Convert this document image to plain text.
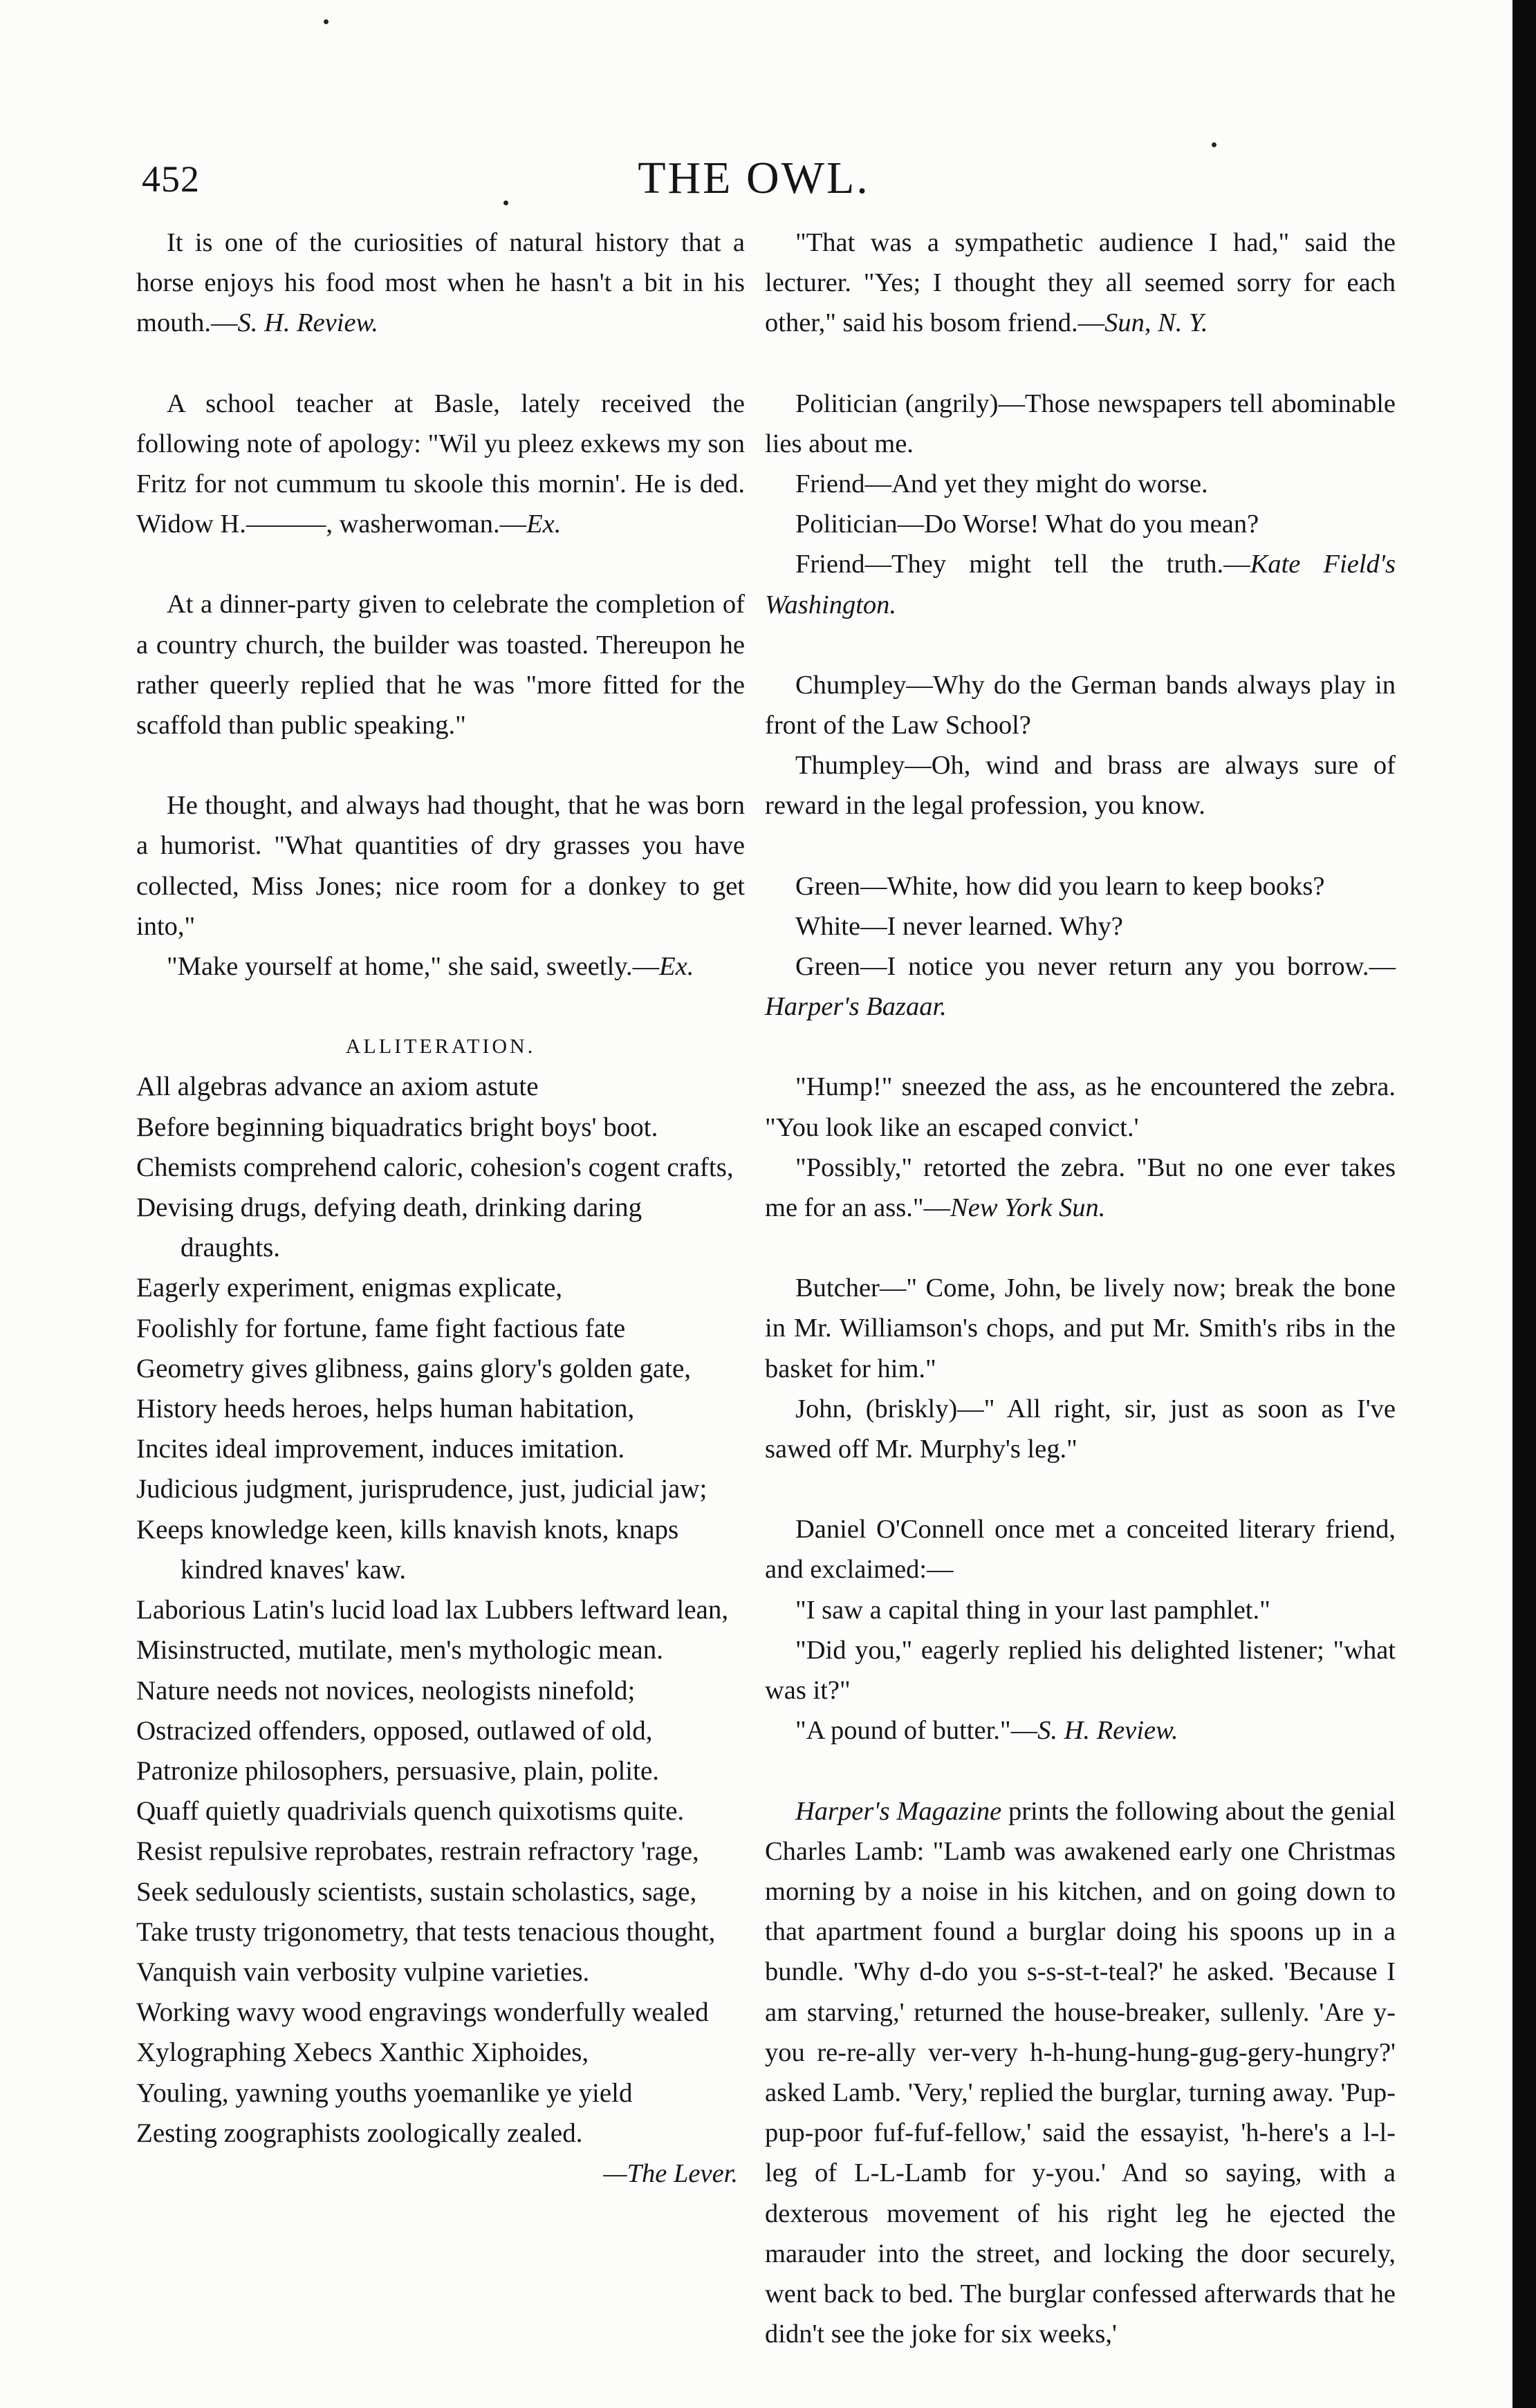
452	THE OWL.

It is one of the curiosities of natural history that a horse enjoys his food most when he hasn't a bit in his mouth.—S. H. Review.

A school teacher at Basle, lately received the following note of apology: "Wil yu pleez exkews my son Fritz for not cummum tu skoole this mornin'. He is ded. Widow H.———, washerwoman.—Ex.

At a dinner-party given to celebrate the completion of a country church, the builder was toasted. Thereupon he rather queerly replied that he was "more fitted for the scaffold than public speaking."

He thought, and always had thought, that he was born a humorist. "What quantities of dry grasses you have collected, Miss Jones; nice room for a donkey to get into,"

"Make yourself at home," she said, sweetly.—Ex.

ALLITERATION.
All algebras advance an axiom astute
Before beginning biquadratics bright boys' boot.
Chemists comprehend caloric, cohesion's cogent crafts,
Devising drugs, defying death, drinking daring draughts.
Eagerly experiment, enigmas explicate,
Foolishly for fortune, fame fight factious fate
Geometry gives glibness, gains glory's golden gate,
History heeds heroes, helps human habitation,
Incites ideal improvement, induces imitation.
Judicious judgment, jurisprudence, just, judicial jaw;
Keeps knowledge keen, kills knavish knots, knaps kindred knaves' kaw.
Laborious Latin's lucid load lax Lubbers leftward lean,
Misinstructed, mutilate, men's mythologic mean.
Nature needs not novices, neologists ninefold;
Ostracized offenders, opposed, outlawed of old,
Patronize philosophers, persuasive, plain, polite.
Quaff quietly quadrivials quench quixotisms quite.
Resist repulsive reprobates, restrain refractory 'rage,
Seek sedulously scientists, sustain scholastics, sage,
Take trusty trigonometry, that tests tenacious thought,
Vanquish vain verbosity vulpine varieties.
Working wavy wood engravings wonderfully wealed
Xylographing Xebecs Xanthic Xiphoides,
Youling, yawning youths yoemanlike ye yield
Zesting zoographists zoologically zealed.
—The Lever.

"That was a sympathetic audience I had," said the lecturer. "Yes; I thought they all seemed sorry for each other," said his bosom friend.—Sun, N. Y.

Politician (angrily)—Those newspapers tell abominable lies about me.

Friend—And yet they might do worse.

Politician—Do Worse! What do you mean?

Friend—They might tell the truth.—Kate Field's Washington.

Chumpley—Why do the German bands always play in front of the Law School?

Thumpley—Oh, wind and brass are always sure of reward in the legal profession, you know.

Green—White, how did you learn to keep books?

White—I never learned. Why?

Green—I notice you never return any you borrow.—Harper's Bazaar.

"Hump!" sneezed the ass, as he encountered the zebra. "You look like an escaped convict.'

"Possibly," retorted the zebra. "But no one ever takes me for an ass."—New York Sun.

Butcher—" Come, John, be lively now; break the bone in Mr. Williamson's chops, and put Mr. Smith's ribs in the basket for him."

John, (briskly)—" All right, sir, just as soon as I've sawed off Mr. Murphy's leg."

Daniel O'Connell once met a conceited literary friend, and exclaimed:—

"I saw a capital thing in your last pamphlet."

"Did you," eagerly replied his delighted listener; "what was it?"

"A pound of butter."—S. H. Review.

Harper's Magazine prints the following about the genial Charles Lamb: "Lamb was awakened early one Christmas morning by a noise in his kitchen, and on going down to that apartment found a burglar doing his spoons up in a bundle. 'Why d-do you s-s-st-t-teal?' he asked. 'Because I am starving,' returned the house-breaker, sullenly. 'Are y-you re-re-ally ver-very h-h-hung-hung-gug-gery-hungry?' asked Lamb. 'Very,' replied the burglar, turning away. 'Pup-pup-poor fuf-fuf-fellow,' said the essayist, 'h-here's a l-l-leg of L-L-Lamb for y-you.' And so saying, with a dexterous movement of his right leg he ejected the marauder into the street, and locking the door securely, went back to bed. The burglar confessed afterwards that he didn't see the joke for six weeks,'
